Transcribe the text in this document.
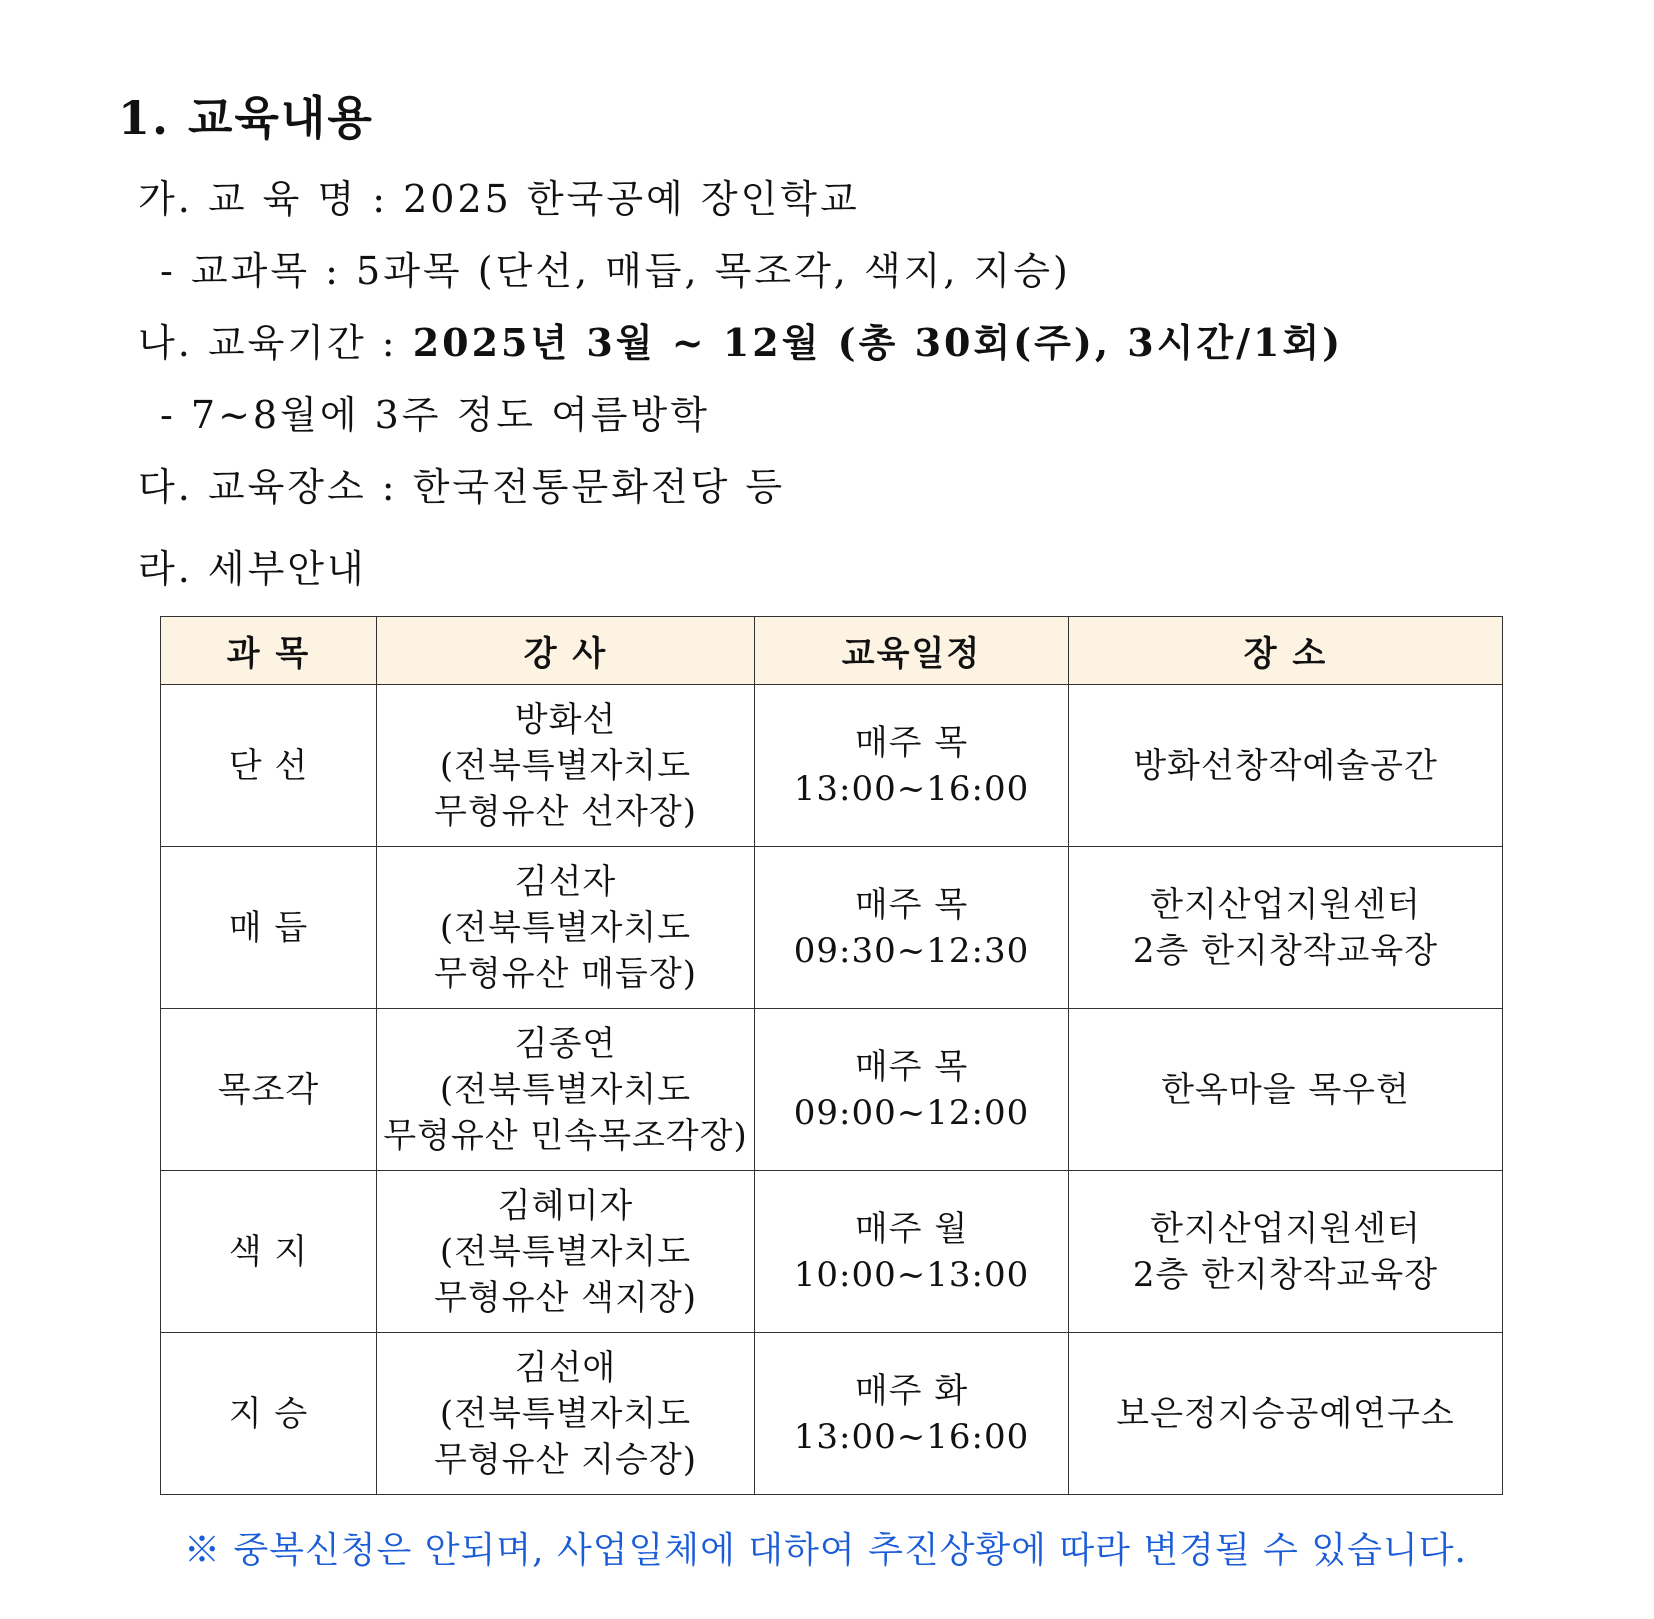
1. 교육내용
가. 교 육 명 : 2025 한국공예 장인학교
- 교과목 : 5과목 (단선, 매듭, 목조각, 색지, 지승)
나. 교육기간 : 2025년 3월 ~ 12월 (총 30회(주), 3시간/1회)
- 7~8월에 3주 정도 여름방학
다. 교육장소 : 한국전통문화전당 등
라. 세부안내
과 목	강 사	교육일정	장 소
단 선	방화선
(전북특별자치도
무형유산 선자장)	매주 목
13:00~16:00	방화선창작예술공간

매 듭	김선자
(전북특별자치도
무형유산 매듭장)	매주 목
09:30~12:30	한지산업지원센터
2층 한지창작교육장

목조각	김종연
(전북특별자치도
무형유산 민속목조각장)	매주 목
09:00~12:00	한옥마을 목우헌

색 지	김혜미자
(전북특별자치도
무형유산 색지장)	매주 월
10:00~13:00	한지산업지원센터
2층 한지창작교육장

지 승	김선애
(전북특별자치도
무형유산 지승장)	매주 화
13:00~16:00	보은정지승공예연구소
※ 중복신청은 안되며, 사업일체에 대하여 추진상황에 따라 변경될 수 있습니다.
